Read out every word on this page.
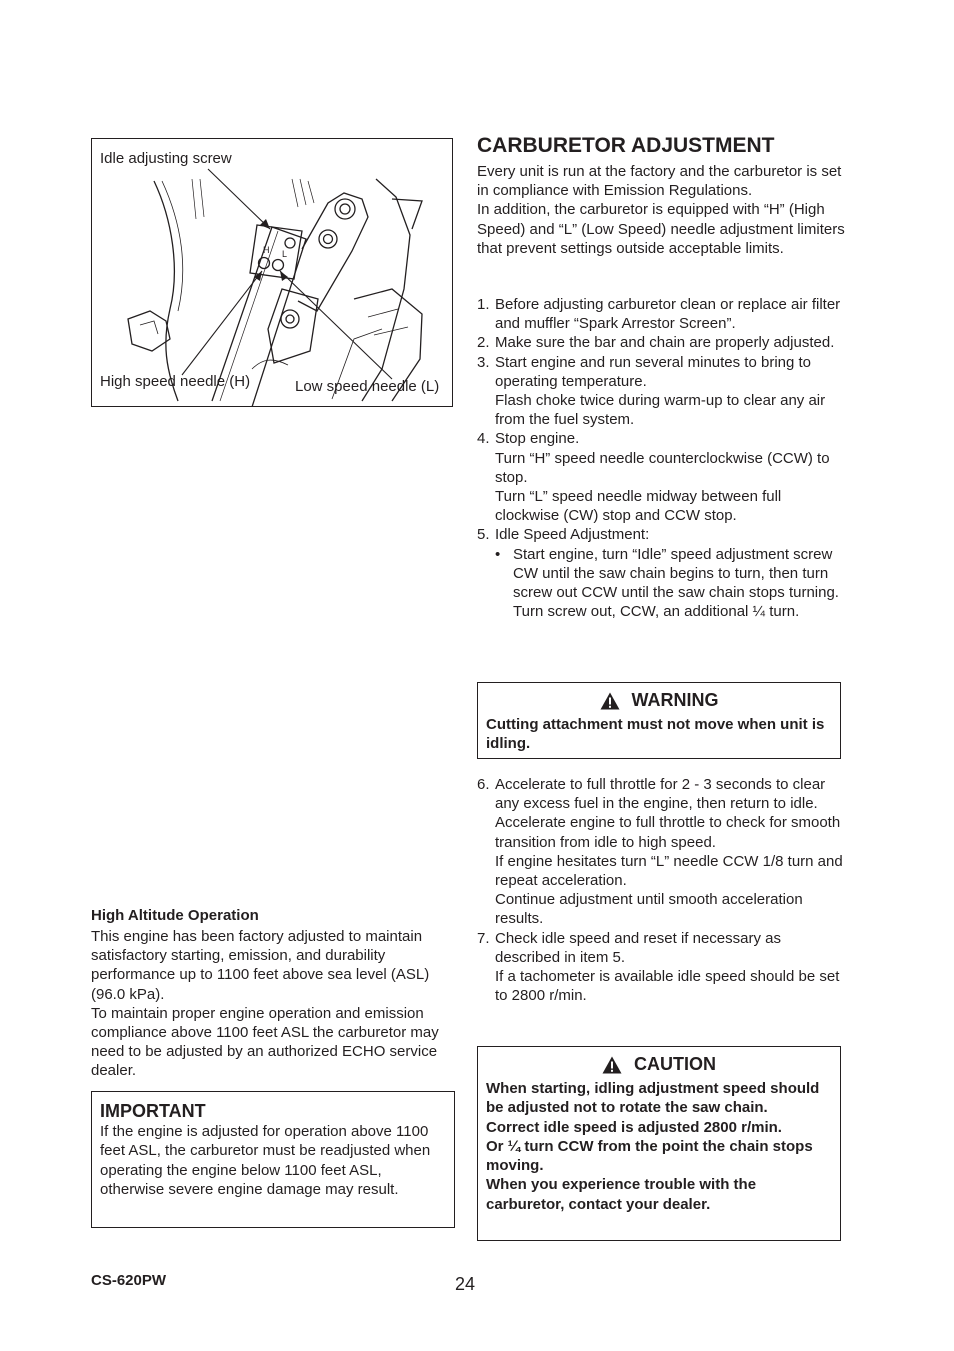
H L
Idle adjusting screw
High speed needle (H)	Low speed needle (L)
CARBURETOR ADJUSTMENT

Every unit is run at the factory and the carburetor is set in compliance with Emission Regulations.

In addition, the carburetor is equipped with “H” (High Speed) and “L” (Low Speed) needle adjustment limiters that prevent settings outside acceptable limits.

1. Before adjusting carburetor clean or replace air filter and muffler “Spark Arrestor Screen”.

2. Make sure the bar and chain are properly adjusted.

3. Start engine and run several minutes to bring to operating temperature.

Flash choke twice during warm-up to clear any air from the fuel system.

4. Stop engine.

Turn “H” speed needle counterclockwise (CCW) to stop.

Turn “L” speed needle midway between full clockwise (CW) stop and CCW stop.

5. Idle Speed Adjustment:

• Start engine, turn “Idle” speed adjustment screw CW until the saw chain begins to turn, then turn screw out CCW until the saw chain stops turning.

Turn screw out, CCW, an additional ¼ turn.

WARNING
Cutting attachment must not move when unit is idling.
6. Accelerate to full throttle for 2 - 3 seconds to clear any excess fuel in the engine, then return to idle.

Accelerate engine to full throttle to check for smooth transition from idle to high speed.

If engine hesitates turn “L” needle CCW 1/8 turn and repeat acceleration.

Continue adjustment until smooth acceleration results.

7. Check idle speed and reset if necessary as described in item 5.

If a tachometer is available idle speed should be set to 2800 r/min.

CAUTION

When starting, idling adjustment speed should be adjusted not to rotate the saw chain.

Correct idle speed is adjusted 2800 r/min.

Or ¼ turn CCW from the point the chain stops moving.

When you experience trouble with the carburetor, contact your dealer.

High Altitude Operation

This engine has been factory adjusted to maintain satisfactory starting, emission, and durability performance up to 1100 feet above sea level (ASL) (96.0 kPa).

To maintain proper engine operation and emission compliance above 1100 feet ASL the carburetor may need to be adjusted by an authorized ECHO service dealer.

IMPORTANT
If the engine is adjusted for operation above 1100 feet ASL, the carburetor must be readjusted when operating the engine below 1100 feet ASL, otherwise severe engine damage may result.
CS-620PW	24
